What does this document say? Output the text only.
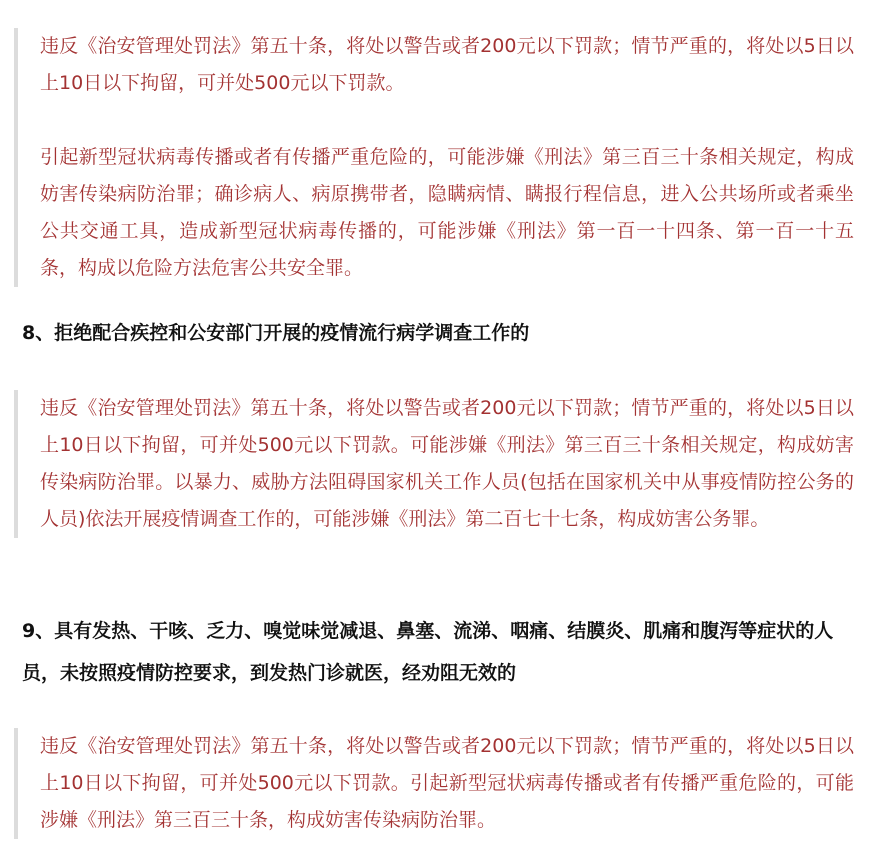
违反《治安管理处罚法》第五十条，将处以警告或者200元以下罚款；情节严重的，将处以5日以上10日以下拘留，可并处500元以下罚款。

引起新型冠状病毒传播或者有传播严重危险的，可能涉嫌《刑法》第三百三十条相关规定，构成妨害传染病防治罪；确诊病人、病原携带者，隐瞒病情、瞒报行程信息，进入公共场所或者乘坐公共交通工具，造成新型冠状病毒传播的，可能涉嫌《刑法》第一百一十四条、第一百一十五条，构成以危险方法危害公共安全罪。

8、拒绝配合疾控和公安部门开展的疫情流行病学调查工作的

违反《治安管理处罚法》第五十条，将处以警告或者200元以下罚款；情节严重的，将处以5日以上10日以下拘留，可并处500元以下罚款。可能涉嫌《刑法》第三百三十条相关规定，构成妨害传染病防治罪。以暴力、威胁方法阻碍国家机关工作人员(包括在国家机关中从事疫情防控公务的人员)依法开展疫情调查工作的，可能涉嫌《刑法》第二百七十七条，构成妨害公务罪。

9、具有发热、干咳、乏力、嗅觉味觉减退、鼻塞、流涕、咽痛、结膜炎、肌痛和腹泻等症状的人员，未按照疫情防控要求，到发热门诊就医，经劝阻无效的

违反《治安管理处罚法》第五十条，将处以警告或者200元以下罚款；情节严重的，将处以5日以上10日以下拘留，可并处500元以下罚款。引起新型冠状病毒传播或者有传播严重危险的，可能涉嫌《刑法》第三百三十条，构成妨害传染病防治罪。
